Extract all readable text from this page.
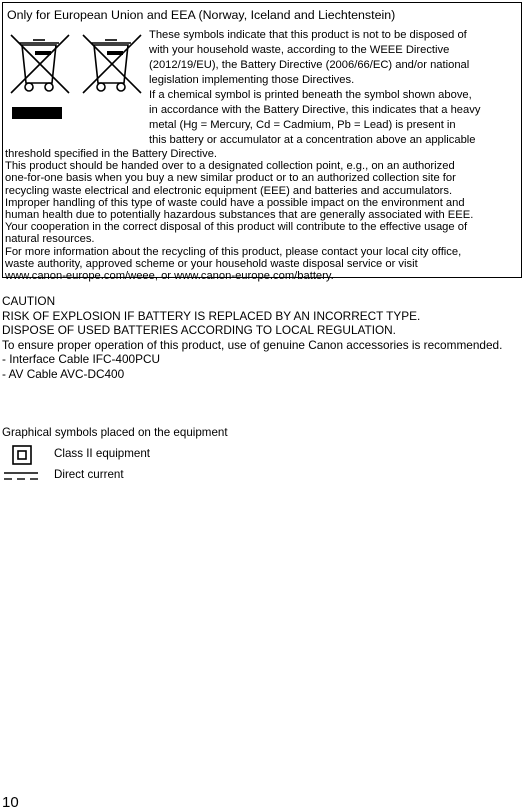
Only for European Union and EEA (Norway, Iceland and Liechtenstein)
These symbols indicate that this product is not to be disposed of
with your household waste, according to the WEEE Directive
(2012/19/EU), the Battery Directive (2006/66/EC) and/or national
legislation implementing those Directives.
If a chemical symbol is printed beneath the symbol shown above,
in accordance with the Battery Directive, this indicates that a heavy
metal (Hg = Mercury, Cd = Cadmium, Pb = Lead) is present in
this battery or accumulator at a concentration above an applicable
threshold specified in the Battery Directive.
This product should be handed over to a designated collection point, e.g., on an authorized
one-for-one basis when you buy a new similar product or to an authorized collection site for
recycling waste electrical and electronic equipment (EEE) and batteries and accumulators.
Improper handling of this type of waste could have a possible impact on the environment and
human health due to potentially hazardous substances that are generally associated with EEE.
Your cooperation in the correct disposal of this product will contribute to the effective usage of
natural resources.
For more information about the recycling of this product, please contact your local city office,
waste authority, approved scheme or your household waste disposal service or visit
www.canon-europe.com/weee, or www.canon-europe.com/battery.
CAUTION
RISK OF EXPLOSION IF BATTERY IS REPLACED BY AN INCORRECT TYPE.
DISPOSE OF USED BATTERIES ACCORDING TO LOCAL REGULATION.
To ensure proper operation of this product, use of genuine Canon accessories is recommended.
- Interface Cable IFC-400PCU
- AV Cable AVC-DC400
Graphical symbols placed on the equipment
Class II equipment
Direct current
10
